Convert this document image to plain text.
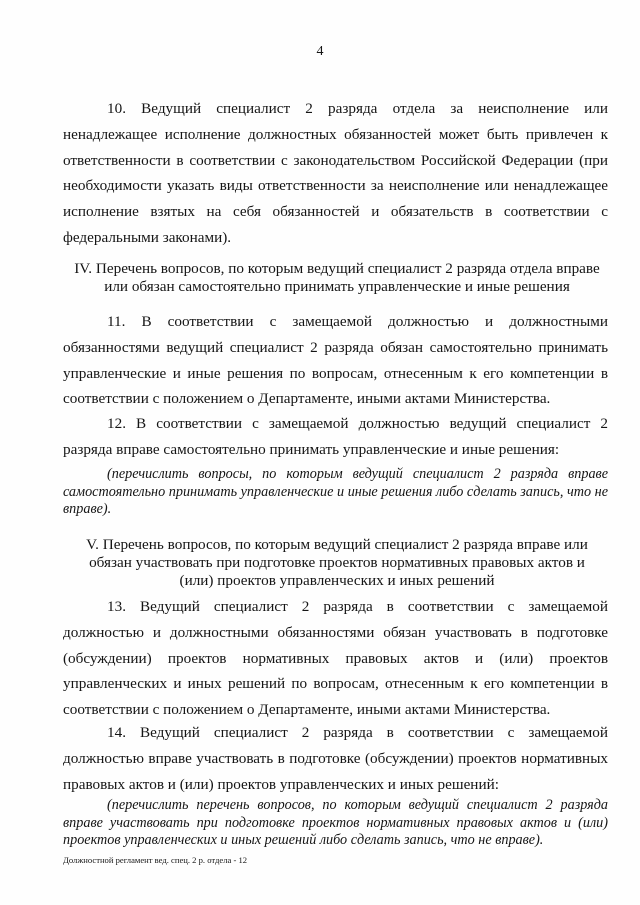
4

10. Ведущий специалист 2 разряда отдела за неисполнение или ненадлежащее исполнение должностных обязанностей может быть привлечен к ответственности в соответствии с законодательством Российской Федерации (при необходимости указать виды ответственности за неисполнение или ненадлежащее исполнение взятых на себя обязанностей и обязательств в соответствии с федеральными законами).

IV. Перечень вопросов, по которым ведущий специалист 2 разряда отдела вправе или обязан самостоятельно принимать управленческие и иные решения

11. В соответствии с замещаемой должностью и должностными обязанностями ведущий специалист 2 разряда обязан самостоятельно принимать управленческие и иные решения по вопросам, отнесенным к его компетенции в соответствии с положением о Департаменте, иными актами Министерства.

12. В соответствии с замещаемой должностью ведущий специалист 2 разряда вправе самостоятельно принимать управленческие и иные решения:

(перечислить вопросы, по которым ведущий специалист 2 разряда вправе самостоятельно принимать управленческие и иные решения либо сделать запись, что не вправе).

V. Перечень вопросов, по которым ведущий специалист 2 разряда вправе или обязан участвовать при подготовке проектов нормативных правовых актов и (или) проектов управленческих и иных решений

13. Ведущий специалист 2 разряда в соответствии с замещаемой должностью и должностными обязанностями обязан участвовать в подготовке (обсуждении) проектов нормативных правовых актов и (или) проектов управленческих и иных решений по вопросам, отнесенным к его компетенции в соответствии с положением о Департаменте, иными актами Министерства.

14. Ведущий специалист 2 разряда в соответствии с замещаемой должностью вправе участвовать в подготовке (обсуждении) проектов нормативных правовых актов и (или) проектов управленческих и иных решений:

(перечислить перечень вопросов, по которым ведущий специалист 2 разряда вправе участвовать при подготовке проектов нормативных правовых актов и (или) проектов управленческих и иных решений либо сделать запись, что не вправе).

Должностной регламент вед. спец. 2 р. отдела - 12
